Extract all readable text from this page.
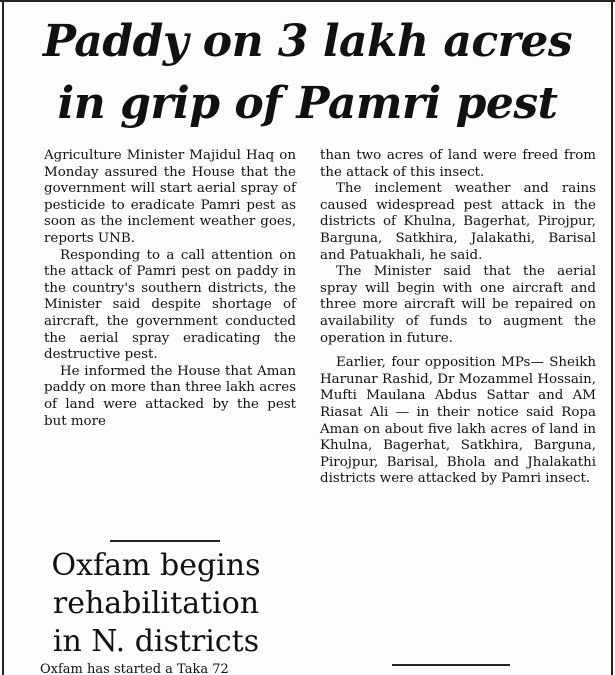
Paddy on 3 lakh acres
in grip of Pamri pest

Agriculture Minister Majidul Haq on Monday assured the House that the government will start aerial spray of pesticide to eradicate Pamri pest as soon as the inclement weather goes, reports UNB.

Responding to a call attention on the attack of Pamri pest on paddy in the country's southern districts, the Minister said despite shortage of aircraft, the government conducted the aerial spray eradicating the destructive pest.

He informed the House that Aman paddy on more than three lakh acres of land were attacked by the pest but more

than two acres of land were freed from the attack of this insect.

The inclement weather and rains caused widespread pest attack in the districts of Khulna, Bagerhat, Pirojpur, Barguna, Satkhira, Jalakathi, Barisal and Patuakhali, he said.

The Minister said that the aerial spray will begin with one aircraft and three more aircraft will be repaired on availability of funds to augment the operation in future.

Earlier, four opposition MPs— Sheikh Harunar Rashid, Dr Mozammel Hossain, Mufti Maulana Abdus Sattar and AM Riasat Ali — in their notice said Ropa Aman on about five lakh acres of land in Khulna, Bagerhat, Satkhira, Barguna, Pirojpur, Barisal, Bhola and Jhalakathi districts were attacked by Pamri insect.

Oxfam begins
rehabilitation
in N. districts
Oxfam has started a Taka 72
